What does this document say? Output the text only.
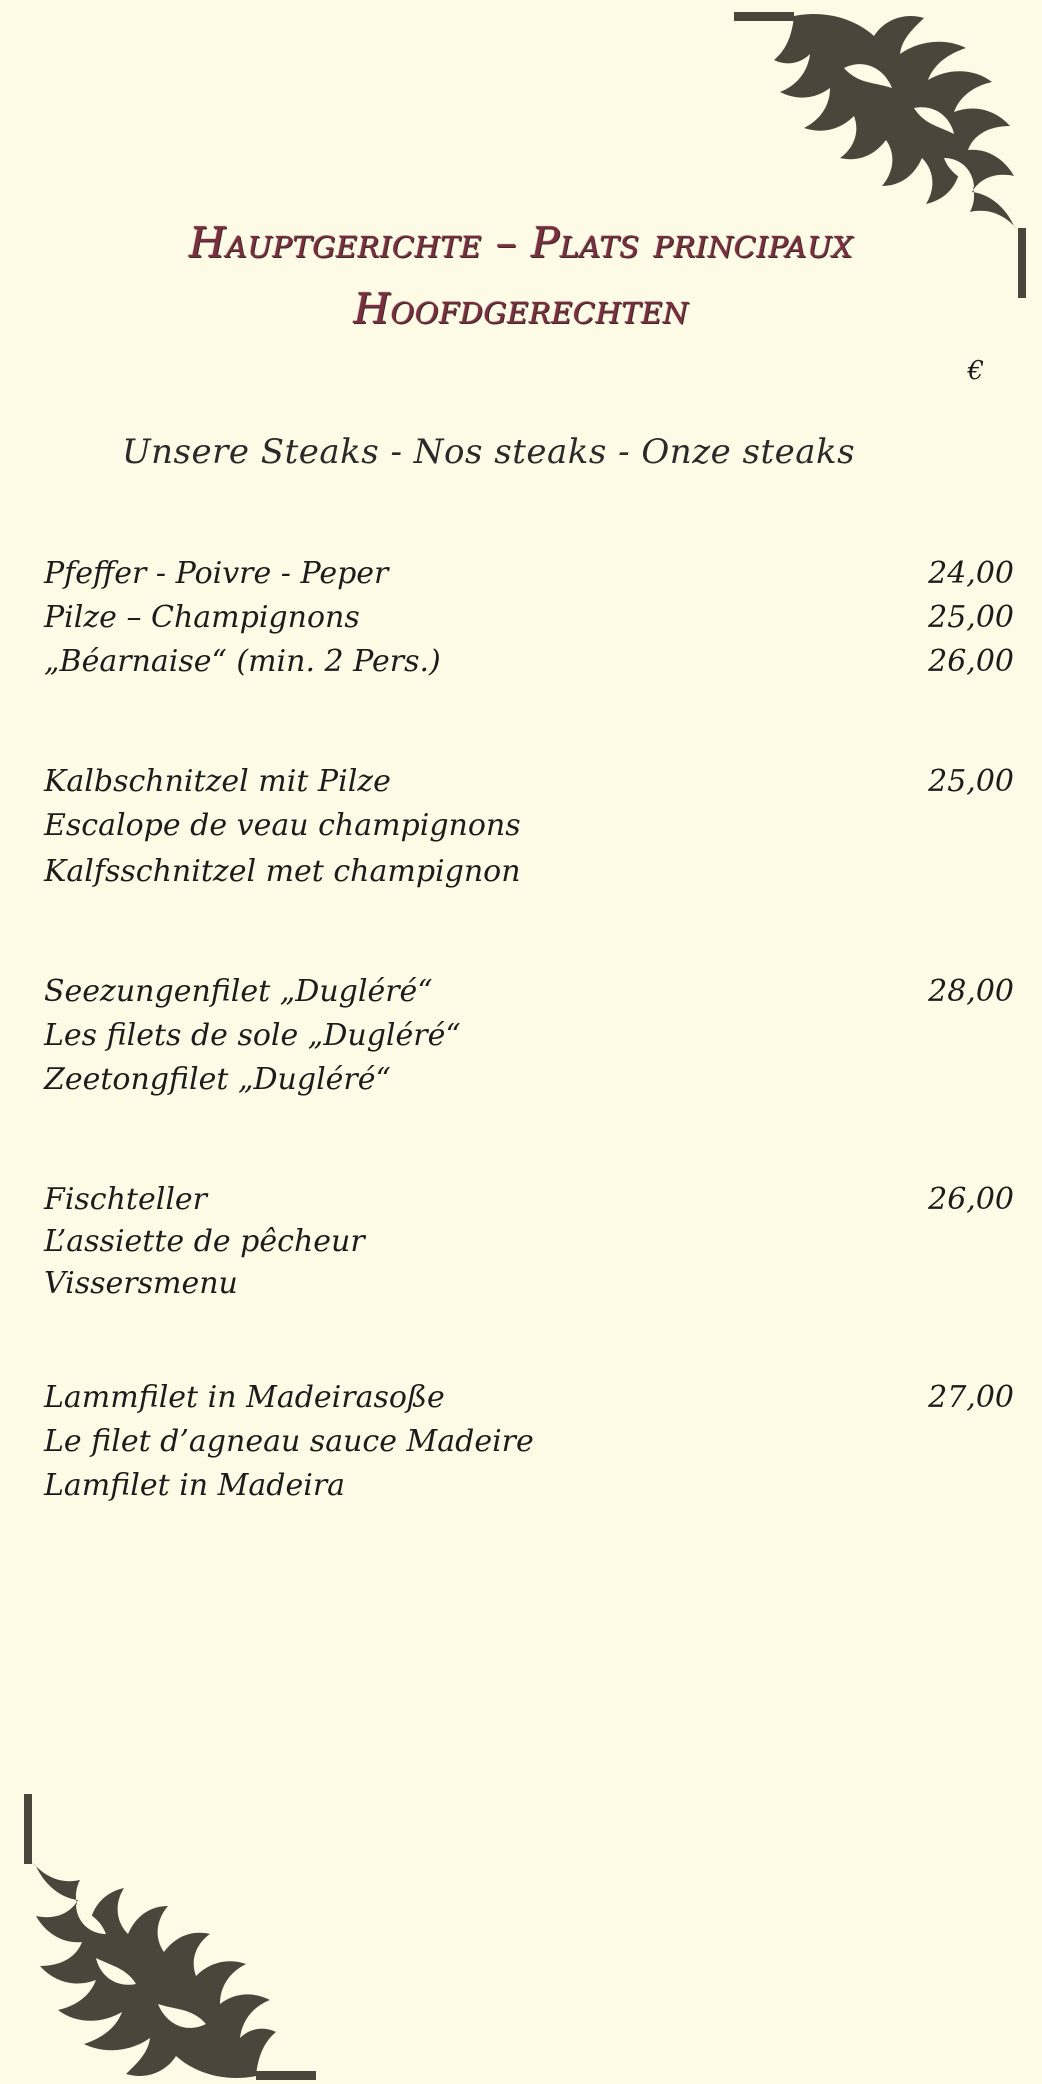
Hauptgerichte – Plats principaux
Hoofdgerechten
€
Unsere Steaks - Nos steaks - Onze steaks
Pfeffer - Poivre - Peper	24,00
Pilze – Champignons	25,00
„Béarnaise“ (min. 2 Pers.)	26,00
Kalbschnitzel mit Pilze	25,00
Escalope de veau champignons
Kalfsschnitzel met champignon
Seezungenfilet „Dugléré“	28,00
Les filets de sole „Dugléré“
Zeetongfilet „Dugléré“
Fischteller	26,00
L’assiette de pêcheur
Vissersmenu
Lammfilet in Madeirasoße	27,00
Le filet d’agneau sauce Madeire
Lamfilet in Madeira
